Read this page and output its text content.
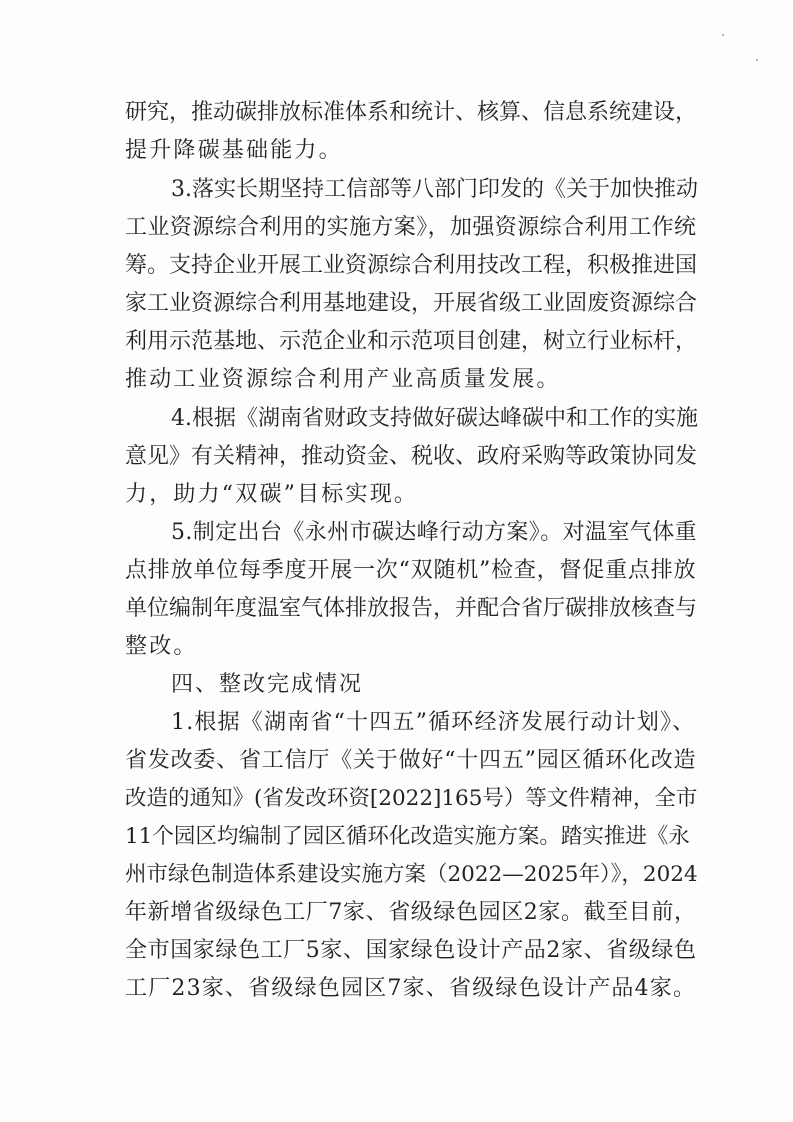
研究，推动碳排放标准体系和统计、核算、信息系统建设，
提升降碳基础能力。
3.落实长期坚持工信部等八部门印发的《关于加快推动
工业资源综合利用的实施方案》，加强资源综合利用工作统
筹。支持企业开展工业资源综合利用技改工程，积极推进国
家工业资源综合利用基地建设，开展省级工业固废资源综合
利用示范基地、示范企业和示范项目创建，树立行业标杆，
推动工业资源综合利用产业高质量发展。
4.根据《湖南省财政支持做好碳达峰碳中和工作的实施
意见》有关精神，推动资金、税收、政府采购等政策协同发
力，助力“双碳”目标实现。
5.制定出台《永州市碳达峰行动方案》。对温室气体重
点排放单位每季度开展一次“双随机”检查，督促重点排放
单位编制年度温室气体排放报告，并配合省厅碳排放核查与
整改。
四、整改完成情况
1.根据《湖南省“十四五”循环经济发展行动计划》、
省发改委、省工信厅《关于做好“十四五”园区循环化改造
改造的通知》(省发改环资[2022]165号）等文件精神，全市
11个园区均编制了园区循环化改造实施方案。踏实推进《永
州市绿色制造体系建设实施方案（2022—2025年）》，2024
年新增省级绿色工厂7家、省级绿色园区2家。截至目前，
全市国家绿色工厂5家、国家绿色设计产品2家、省级绿色
工厂23家、省级绿色园区7家、省级绿色设计产品4家。
